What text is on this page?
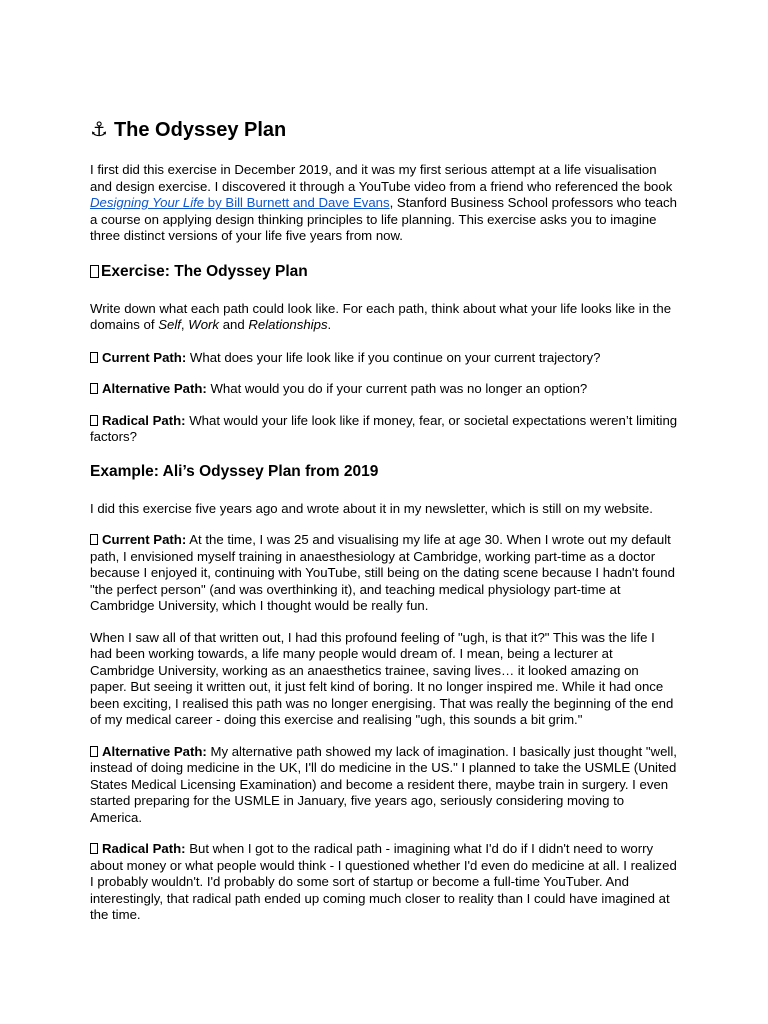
⚓ The Odyssey Plan

I first did this exercise in December 2019, and it was my first serious attempt at a life visualisation and design exercise. I discovered it through a YouTube video from a friend who referenced the book Designing Your Life by Bill Burnett and Dave Evans, Stanford Business School professors who teach a course on applying design thinking principles to life planning. This exercise asks you to imagine three distinct versions of your life five years from now.

Exercise: The Odyssey Plan

Write down what each path could look like. For each path, think about what your life looks like in the domains of Self, Work and Relationships.

Current Path: What does your life look like if you continue on your current trajectory?

Alternative Path: What would you do if your current path was no longer an option?

Radical Path: What would your life look like if money, fear, or societal expectations weren’t limiting factors?

Example: Ali’s Odyssey Plan from 2019

I did this exercise five years ago and wrote about it in my newsletter, which is still on my website.

Current Path: At the time, I was 25 and visualising my life at age 30. When I wrote out my default path, I envisioned myself training in anaesthesiology at Cambridge, working part-time as a doctor because I enjoyed it, continuing with YouTube, still being on the dating scene because I hadn't found "the perfect person" (and was overthinking it), and teaching medical physiology part-time at Cambridge University, which I thought would be really fun.

When I saw all of that written out, I had this profound feeling of "ugh, is that it?" This was the life I had been working towards, a life many people would dream of. I mean, being a lecturer at Cambridge University, working as an anaesthetics trainee, saving lives… it looked amazing on paper. But seeing it written out, it just felt kind of boring. It no longer inspired me. While it had once been exciting, I realised this path was no longer energising. That was really the beginning of the end of my medical career - doing this exercise and realising "ugh, this sounds a bit grim."

Alternative Path: My alternative path showed my lack of imagination. I basically just thought "well, instead of doing medicine in the UK, I'll do medicine in the US." I planned to take the USMLE (United States Medical Licensing Examination) and become a resident there, maybe train in surgery. I even started preparing for the USMLE in January, five years ago, seriously considering moving to America.

Radical Path: But when I got to the radical path - imagining what I'd do if I didn't need to worry about money or what people would think - I questioned whether I'd even do medicine at all. I realized I probably wouldn't. I'd probably do some sort of startup or become a full-time YouTuber. And interestingly, that radical path ended up coming much closer to reality than I could have imagined at the time.
